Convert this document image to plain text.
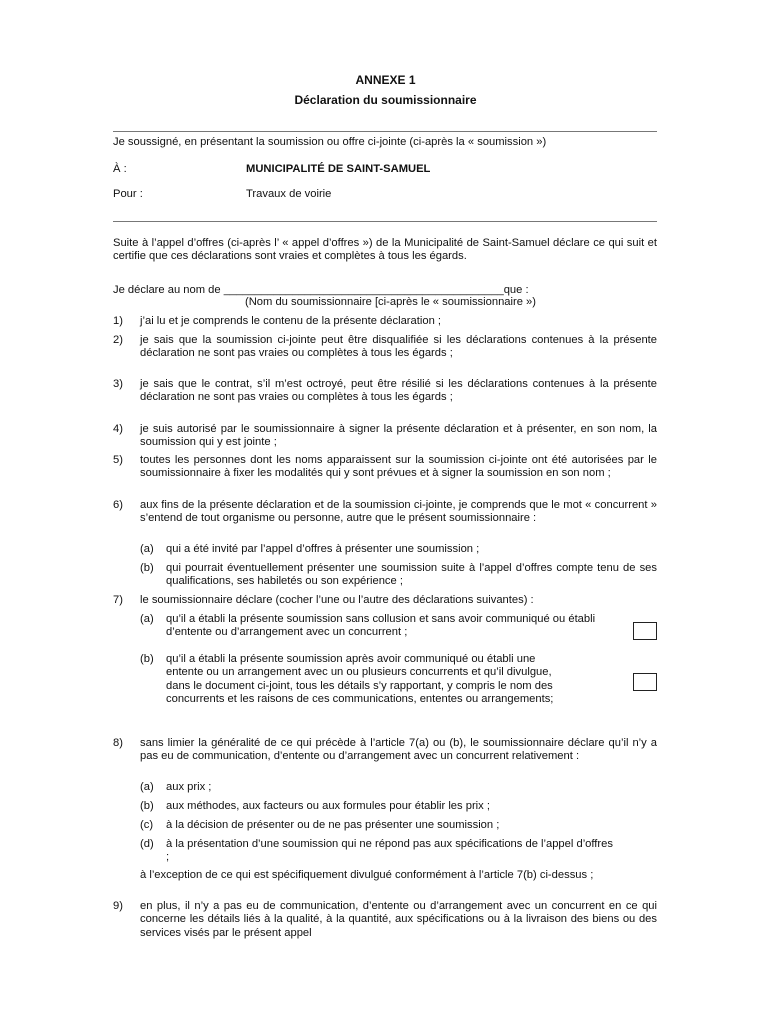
ANNEXE 1
Déclaration du soumissionnaire
Je soussigné, en présentant la soumission ou offre ci-jointe (ci-après la « soumission »)
À :	MUNICIPALITÉ DE SAINT-SAMUEL
Pour :	Travaux de voirie
Suite à l’appel d’offres (ci-après l’ « appel d’offres ») de la Municipalité de Saint-Samuel déclare ce qui suit et certifie que ces déclarations sont vraies et complètes à tous les égards.
Je déclare au nom de _____________________________________________que :
(Nom du soumissionnaire [ci-après le « soumissionnaire »)
1) j’ai lu et je comprends le contenu de la présente déclaration ;
2) je sais que la soumission ci-jointe peut être disqualifiée si les déclarations contenues à la présente déclaration ne sont pas vraies ou complètes à tous les égards ;
3) je sais que le contrat, s’il m’est octroyé, peut être résilié si les déclarations contenues à la présente déclaration ne sont pas vraies ou complètes à tous les égards ;
4) je suis autorisé par le soumissionnaire à signer la présente déclaration et à présenter, en son nom, la soumission qui y est jointe ;
5) toutes les personnes dont les noms apparaissent sur la soumission ci-jointe ont été autorisées par le soumissionnaire à fixer les modalités qui y sont prévues et à signer la soumission en son nom ;
6) aux fins de la présente déclaration et de la soumission ci-jointe, je comprends que le mot « concurrent » s’entend de tout organisme ou personne, autre que le présent soumissionnaire :
(a) qui a été invité par l’appel d’offres à présenter une soumission ;
(b) qui pourrait éventuellement présenter une soumission suite à l’appel d’offres compte tenu de ses qualifications, ses habiletés ou son expérience ;
7) le soumissionnaire déclare (cocher l’une ou l’autre des déclarations suivantes) :
(a) qu’il a établi la présente soumission sans collusion et sans avoir communiqué ou établi d’entente ou d’arrangement avec un concurrent ;
(b) qu’il a établi la présente soumission après avoir communiqué ou établi une entente ou un arrangement avec un ou plusieurs concurrents et qu’il divulgue, dans le document ci-joint, tous les détails s’y rapportant, y compris le nom des concurrents et les raisons de ces communications, ententes ou arrangements;
8) sans limier la généralité de ce qui précède à l’article 7(a) ou (b), le soumissionnaire déclare qu’il n’y a pas eu de communication, d’entente ou d’arrangement avec un concurrent relativement :
(a) aux prix ;
(b) aux méthodes, aux facteurs ou aux formules pour établir les prix ;
(c) à la décision de présenter ou de ne pas présenter une soumission ;
(d) à la présentation d’une soumission qui ne répond pas aux spécifications de l’appel d’offres ;
à l’exception de ce qui est spécifiquement divulgué conformément à l’article 7(b) ci-dessus ;
9) en plus, il n’y a pas eu de communication, d’entente ou d’arrangement avec un concurrent en ce qui concerne les détails liés à la qualité, à la quantité, aux spécifications ou à la livraison des biens ou des services visés par le présent appel
